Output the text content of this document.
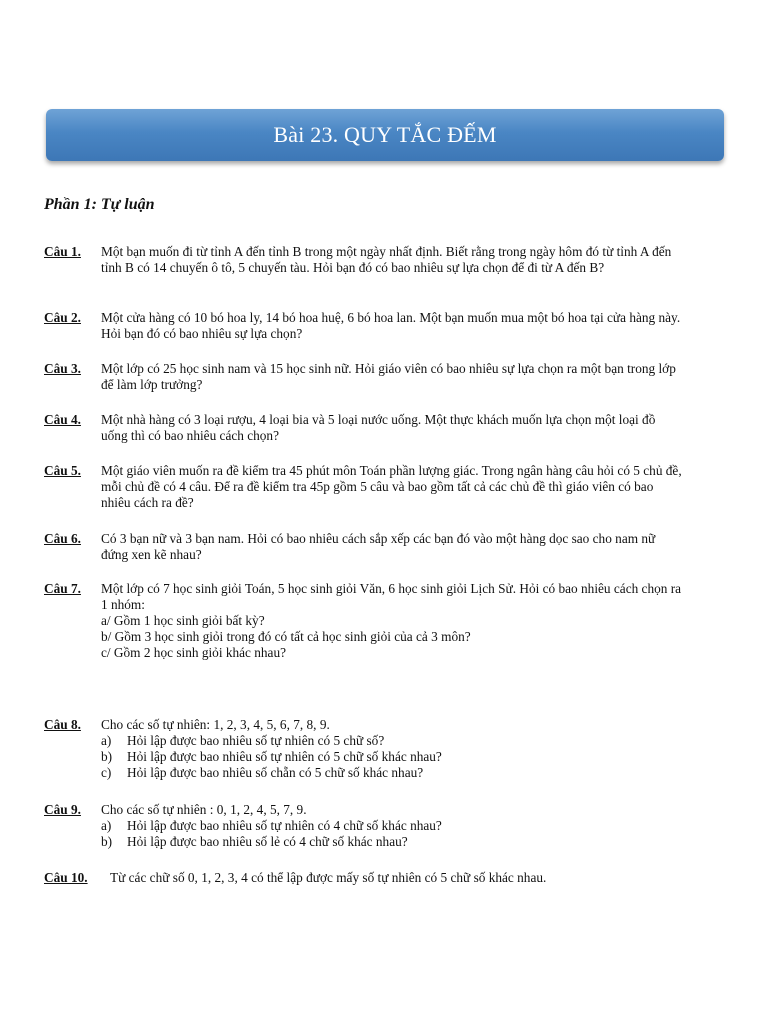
Bài 23. QUY TẮC ĐẾM
Phần 1: Tự luận
Câu 1. Một bạn muốn đi từ tỉnh A đến tỉnh B trong một ngày nhất định. Biết rằng trong ngày hôm đó từ tỉnh A đến tỉnh B có 14 chuyến ô tô, 5 chuyến tàu. Hỏi bạn đó có bao nhiêu sự lựa chọn để đi từ A đến B?

Câu 2. Một cửa hàng có 10 bó hoa ly, 14 bó hoa huệ, 6 bó hoa lan. Một bạn muốn mua một bó hoa tại cửa hàng này. Hỏi bạn đó có bao nhiêu sự lựa chọn?

Câu 3. Một lớp có 25 học sinh nam và 15 học sinh nữ. Hỏi giáo viên có bao nhiêu sự lựa chọn ra một bạn trong lớp để làm lớp trưởng?

Câu 4. Một nhà hàng có 3 loại rượu, 4 loại bia và 5 loại nước uống. Một thực khách muốn lựa chọn một loại đồ uống thì có bao nhiêu cách chọn?

Câu 5. Một giáo viên muốn ra đề kiểm tra 45 phút môn Toán phần lượng giác. Trong ngân hàng câu hỏi có 5 chủ đề, mỗi chủ đề có 4 câu. Để ra đề kiểm tra 45p gồm 5 câu và bao gồm tất cả các chủ đề thì giáo viên có bao nhiêu cách ra đề?

Câu 6. Có 3 bạn nữ và 3 bạn nam. Hỏi có bao nhiêu cách sắp xếp các bạn đó vào một hàng dọc sao cho nam nữ đứng xen kẽ nhau?

Câu 7. Một lớp có 7 học sinh giỏi Toán, 5 học sinh giỏi Văn, 6 học sinh giỏi Lịch Sử. Hỏi có bao nhiêu cách chọn ra 1 nhóm:

a/ Gồm 1 học sinh giỏi bất kỳ?

b/ Gồm 3 học sinh giỏi trong đó có tất cả học sinh giỏi của cả 3 môn?

c/ Gồm 2 học sinh giỏi khác nhau?

Câu 8. Cho các số tự nhiên: 1, 2, 3, 4, 5, 6, 7, 8, 9.

a) Hỏi lập được bao nhiêu số tự nhiên có 5 chữ số?
b) Hỏi lập được bao nhiêu số tự nhiên có 5 chữ số khác nhau?
c) Hỏi lập được bao nhiêu số chẵn có 5 chữ số khác nhau?
Câu 9. Cho các số tự nhiên : 0, 1, 2, 4, 5, 7, 9.

a) Hỏi lập được bao nhiêu số tự nhiên có 4 chữ số khác nhau?
b) Hỏi lập được bao nhiêu số lẻ có 4 chữ số khác nhau?
Câu 10. Từ các chữ số 0, 1, 2, 3, 4 có thể lập được mấy số tự nhiên có 5 chữ số khác nhau.
